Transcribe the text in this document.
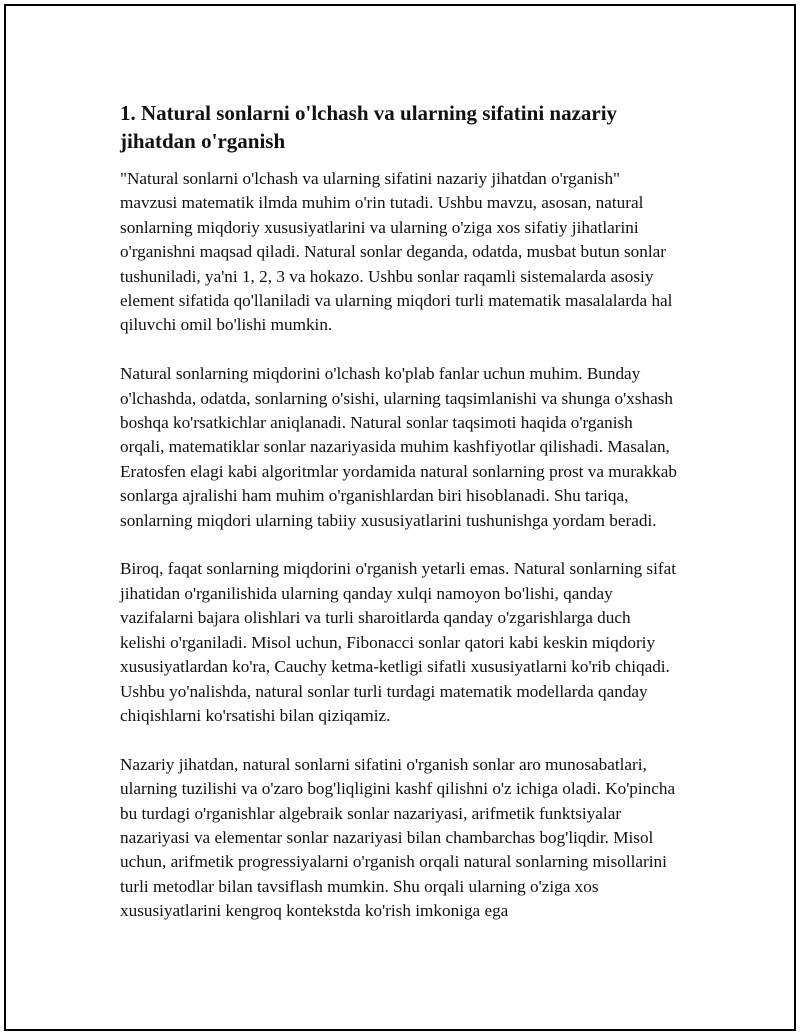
1. Natural sonlarni o'lchash va ularning sifatini nazariy jihatdan o'rganish

"Natural sonlarni o'lchash va ularning sifatini nazariy jihatdan o'rganish" mavzusi matematik ilmda muhim o'rin tutadi. Ushbu mavzu, asosan, natural sonlarning miqdoriy xususiyatlarini va ularning o'ziga xos sifatiy jihatlarini o'rganishni maqsad qiladi. Natural sonlar deganda, odatda, musbat butun sonlar tushuniladi, ya'ni 1, 2, 3 va hokazo. Ushbu sonlar raqamli sistemalarda asosiy element sifatida qo'llaniladi va ularning miqdori turli matematik masalalarda hal qiluvchi omil bo'lishi mumkin.

Natural sonlarning miqdorini o'lchash ko'plab fanlar uchun muhim. Bunday o'lchashda, odatda, sonlarning o'sishi, ularning taqsimlanishi va shunga o'xshash boshqa ko'rsatkichlar aniqlanadi. Natural sonlar taqsimoti haqida o'rganish orqali, matematiklar sonlar nazariyasida muhim kashfiyotlar qilishadi. Masalan, Eratosfen elagi kabi algoritmlar yordamida natural sonlarning prost va murakkab sonlarga ajralishi ham muhim o'rganishlardan biri hisoblanadi. Shu tariqa, sonlarning miqdori ularning tabiiy xususiyatlarini tushunishga yordam beradi.

Biroq, faqat sonlarning miqdorini o'rganish yetarli emas. Natural sonlarning sifat jihatidan o'rganilishida ularning qanday xulqi namoyon bo'lishi, qanday vazifalarni bajara olishlari va turli sharoitlarda qanday o'zgarishlarga duch kelishi o'rganiladi. Misol uchun, Fibonacci sonlar qatori kabi keskin miqdoriy xususiyatlardan ko'ra, Cauchy ketma-ketligi sifatli xususiyatlarni ko'rib chiqadi. Ushbu yo'nalishda, natural sonlar turli turdagi matematik modellarda qanday chiqishlarni ko'rsatishi bilan qiziqamiz.

Nazariy jihatdan, natural sonlarni sifatini o'rganish sonlar aro munosabatlari, ularning tuzilishi va o'zaro bog'liqligini kashf qilishni o'z ichiga oladi. Ko'pincha bu turdagi o'rganishlar algebraik sonlar nazariyasi, arifmetik funktsiyalar nazariyasi va elementar sonlar nazariyasi bilan chambarchas bog'liqdir. Misol uchun, arifmetik progressiyalarni o'rganish orqali natural sonlarning misollarini turli metodlar bilan tavsiflash mumkin. Shu orqali ularning o'ziga xos xususiyatlarini kengroq kontekstda ko'rish imkoniga ega
